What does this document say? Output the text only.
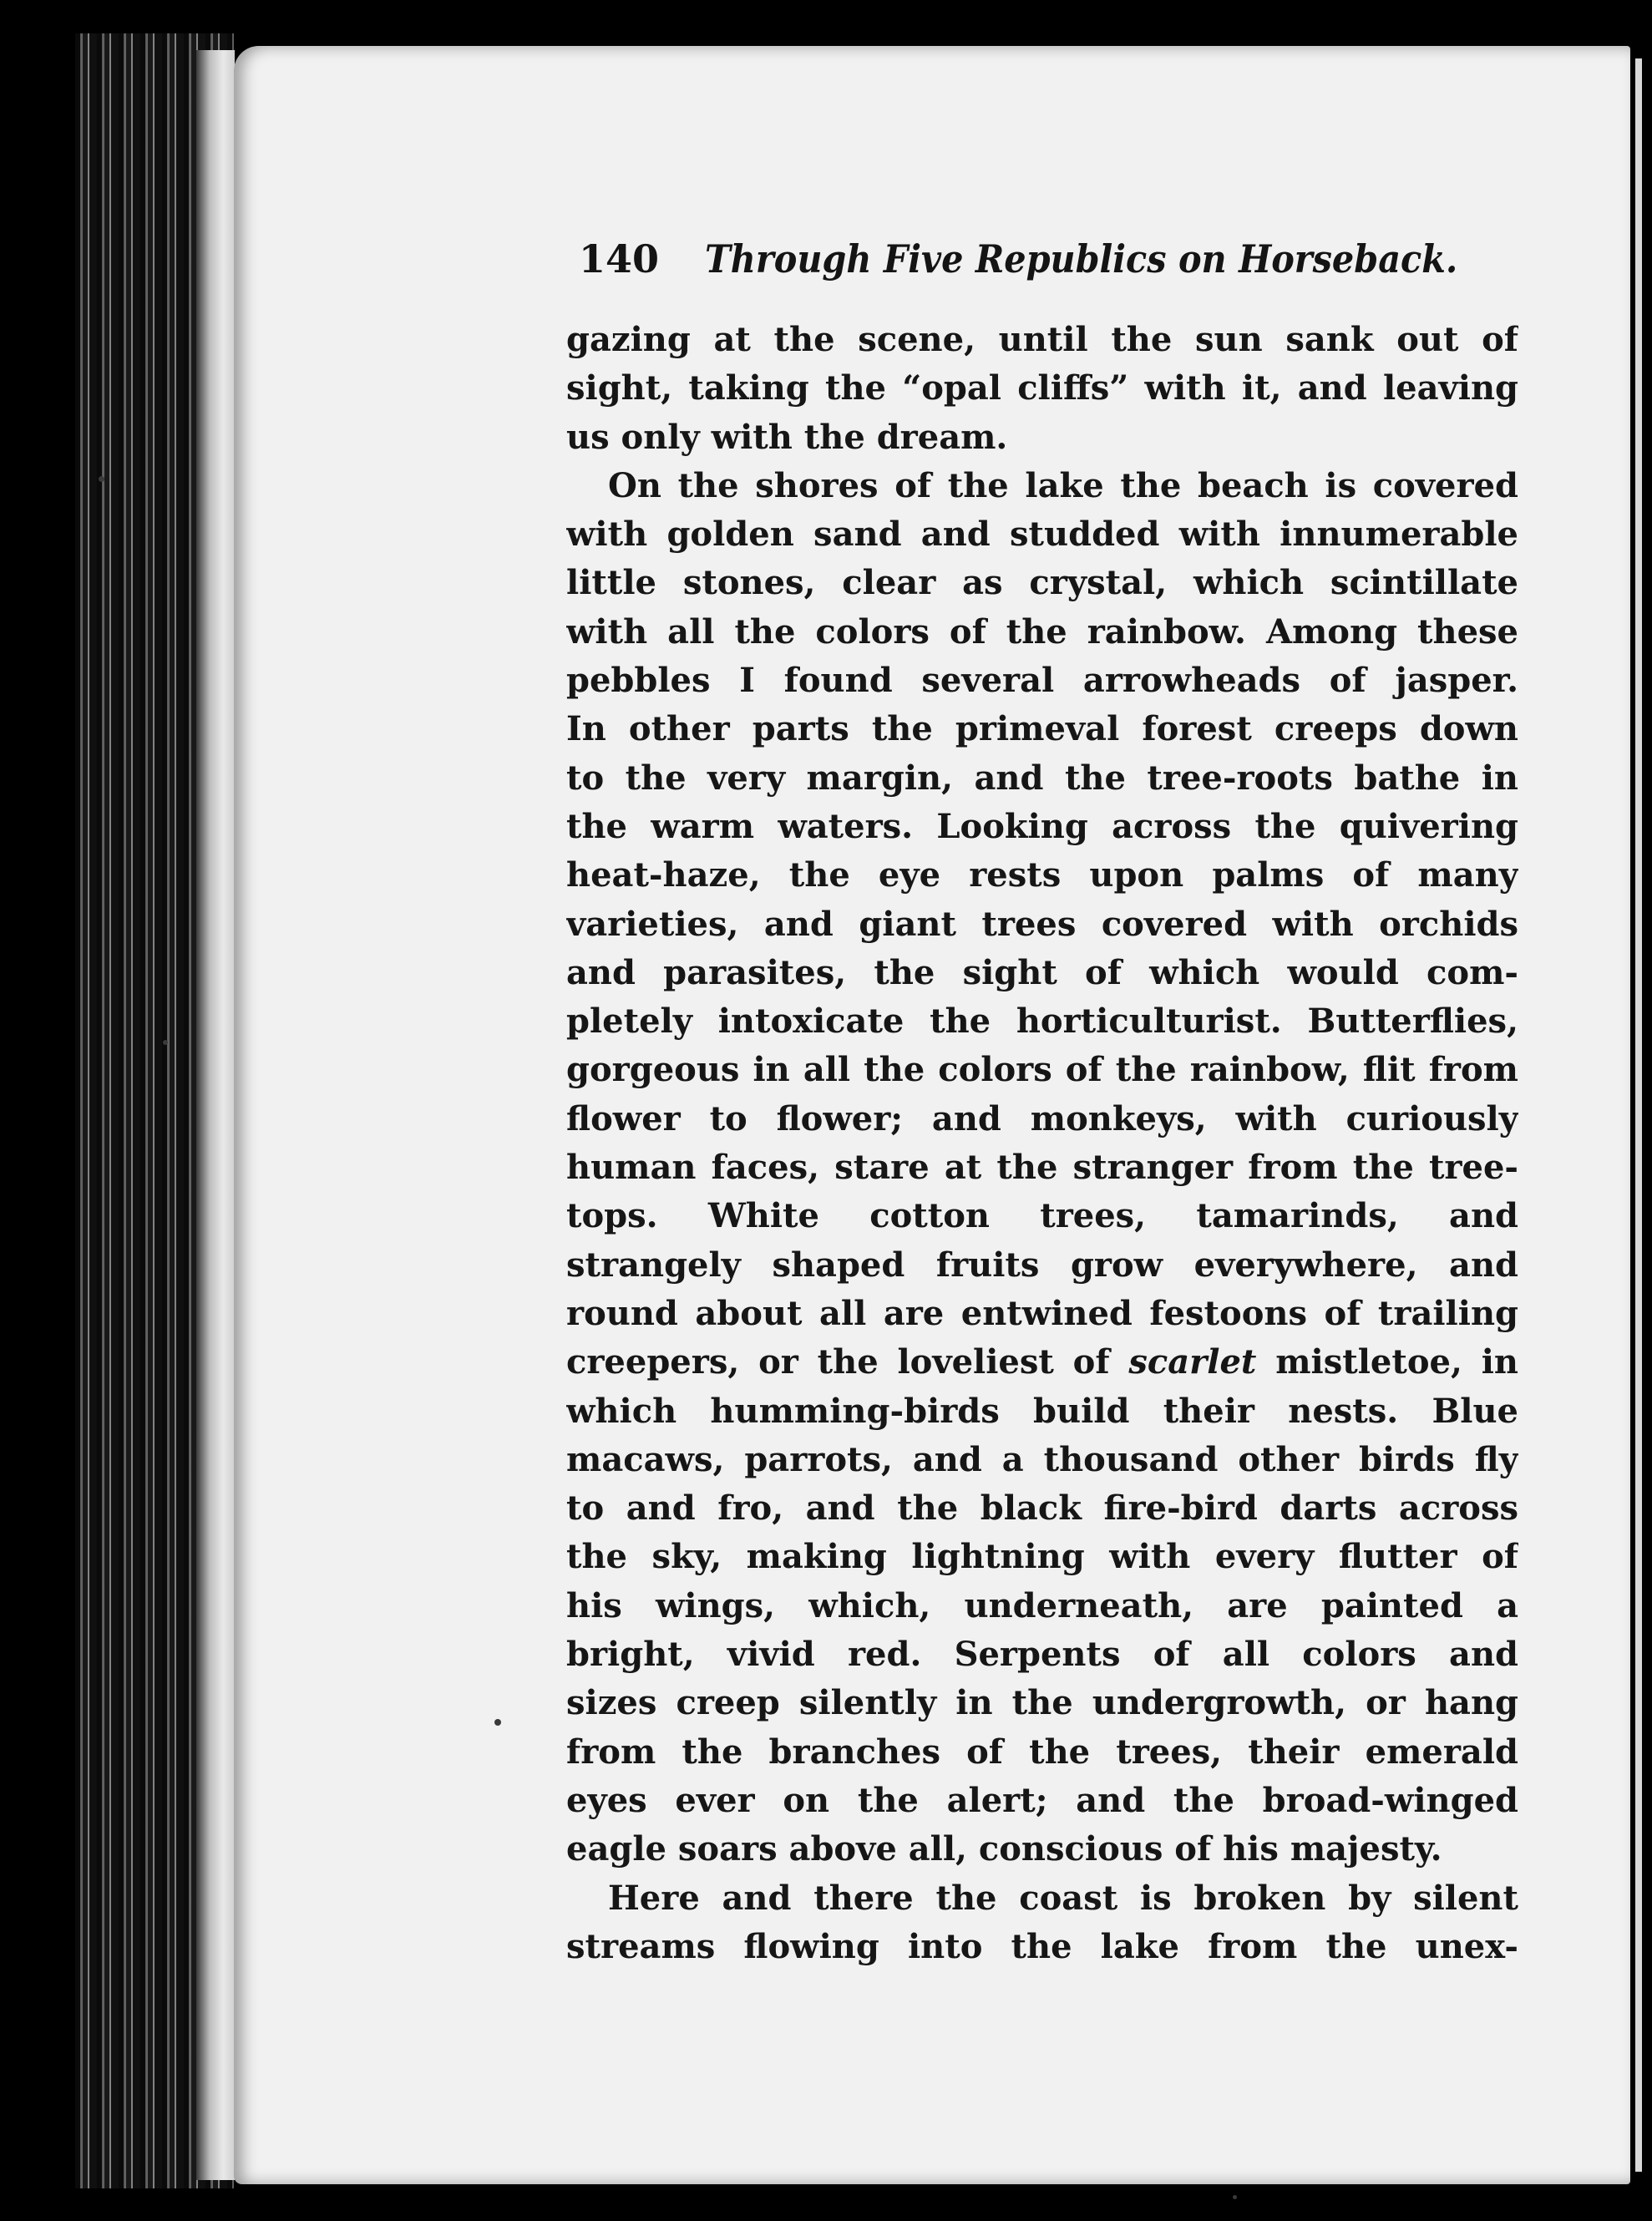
140 Through Five Republics on Horseback.
gazing at the scene, until the sun sank out of
sight, taking the “opal cliffs” with it, and leaving
us only with the dream.
On the shores of the lake the beach is covered
with golden sand and studded with innumerable
little stones, clear as crystal, which scintillate
with all the colors of the rainbow. Among these
pebbles I found several arrowheads of jasper.
In other parts the primeval forest creeps down
to the very margin, and the tree-roots bathe in
the warm waters. Looking across the quivering
heat-haze, the eye rests upon palms of many
varieties, and giant trees covered with orchids
and parasites, the sight of which would com-
pletely intoxicate the horticulturist. Butterflies,
gorgeous in all the colors of the rainbow, flit from
flower to flower; and monkeys, with curiously
human faces, stare at the stranger from the tree-
tops. White cotton trees, tamarinds, and
strangely shaped fruits grow everywhere, and
round about all are entwined festoons of trailing
creepers, or the loveliest of scarlet mistletoe, in
which humming-birds build their nests. Blue
macaws, parrots, and a thousand other birds fly
to and fro, and the black fire-bird darts across
the sky, making lightning with every flutter of
his wings, which, underneath, are painted a
bright, vivid red. Serpents of all colors and
sizes creep silently in the undergrowth, or hang
from the branches of the trees, their emerald
eyes ever on the alert; and the broad-winged
eagle soars above all, conscious of his majesty.
Here and there the coast is broken by silent
streams flowing into the lake from the unex-
